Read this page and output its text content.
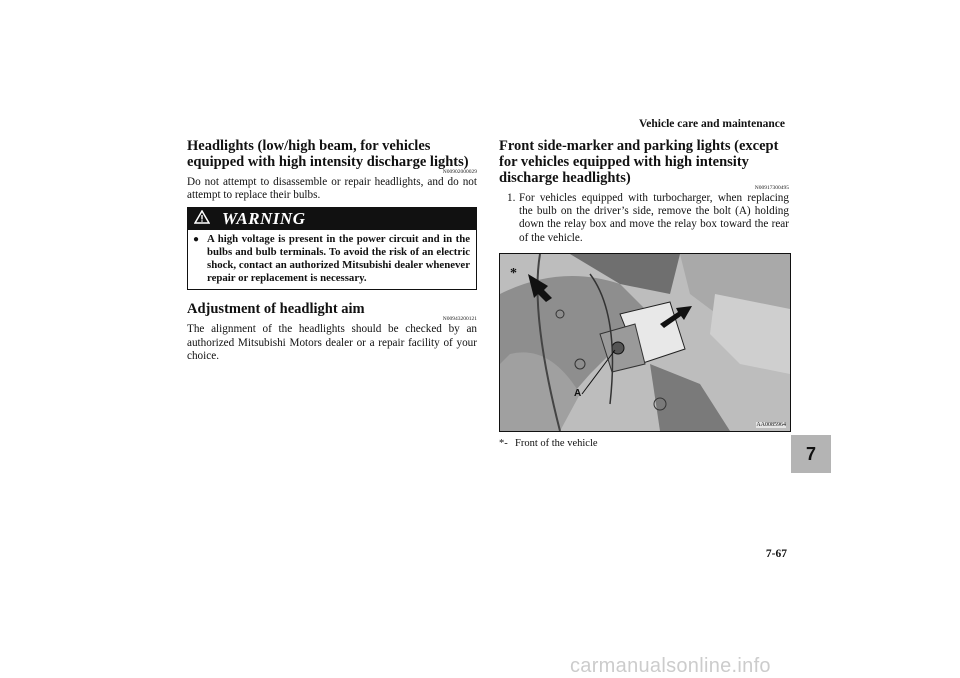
Vehicle care and maintenance
Headlights (low/high beam, for vehicles equipped with high intensity discharge lights)
N00902000029

Do not attempt to disassemble or repair headlights, and do not attempt to replace their bulbs.

WARNING
● A high voltage is present in the power circuit and in the bulbs and bulb terminals. To avoid the risk of an electric shock, contact an authorized Mitsubishi dealer whenever repair or replacement is necessary.
Adjustment of headlight aim
N00943200121

The alignment of the headlights should be checked by an authorized Mitsubishi Motors dealer or a repair facility of your choice.

Front side-marker and parking lights (except for vehicles equipped with high intensity discharge headlights)
N00917300495
1. For vehicles equipped with turbocharger, when replacing the bulb on the driver’s side, remove the bolt (A) holding down the relay box and move the relay box toward the rear of the vehicle.

*
A
AA0085964
*- Front of the vehicle
7
7-67
carmanualsonline.info
